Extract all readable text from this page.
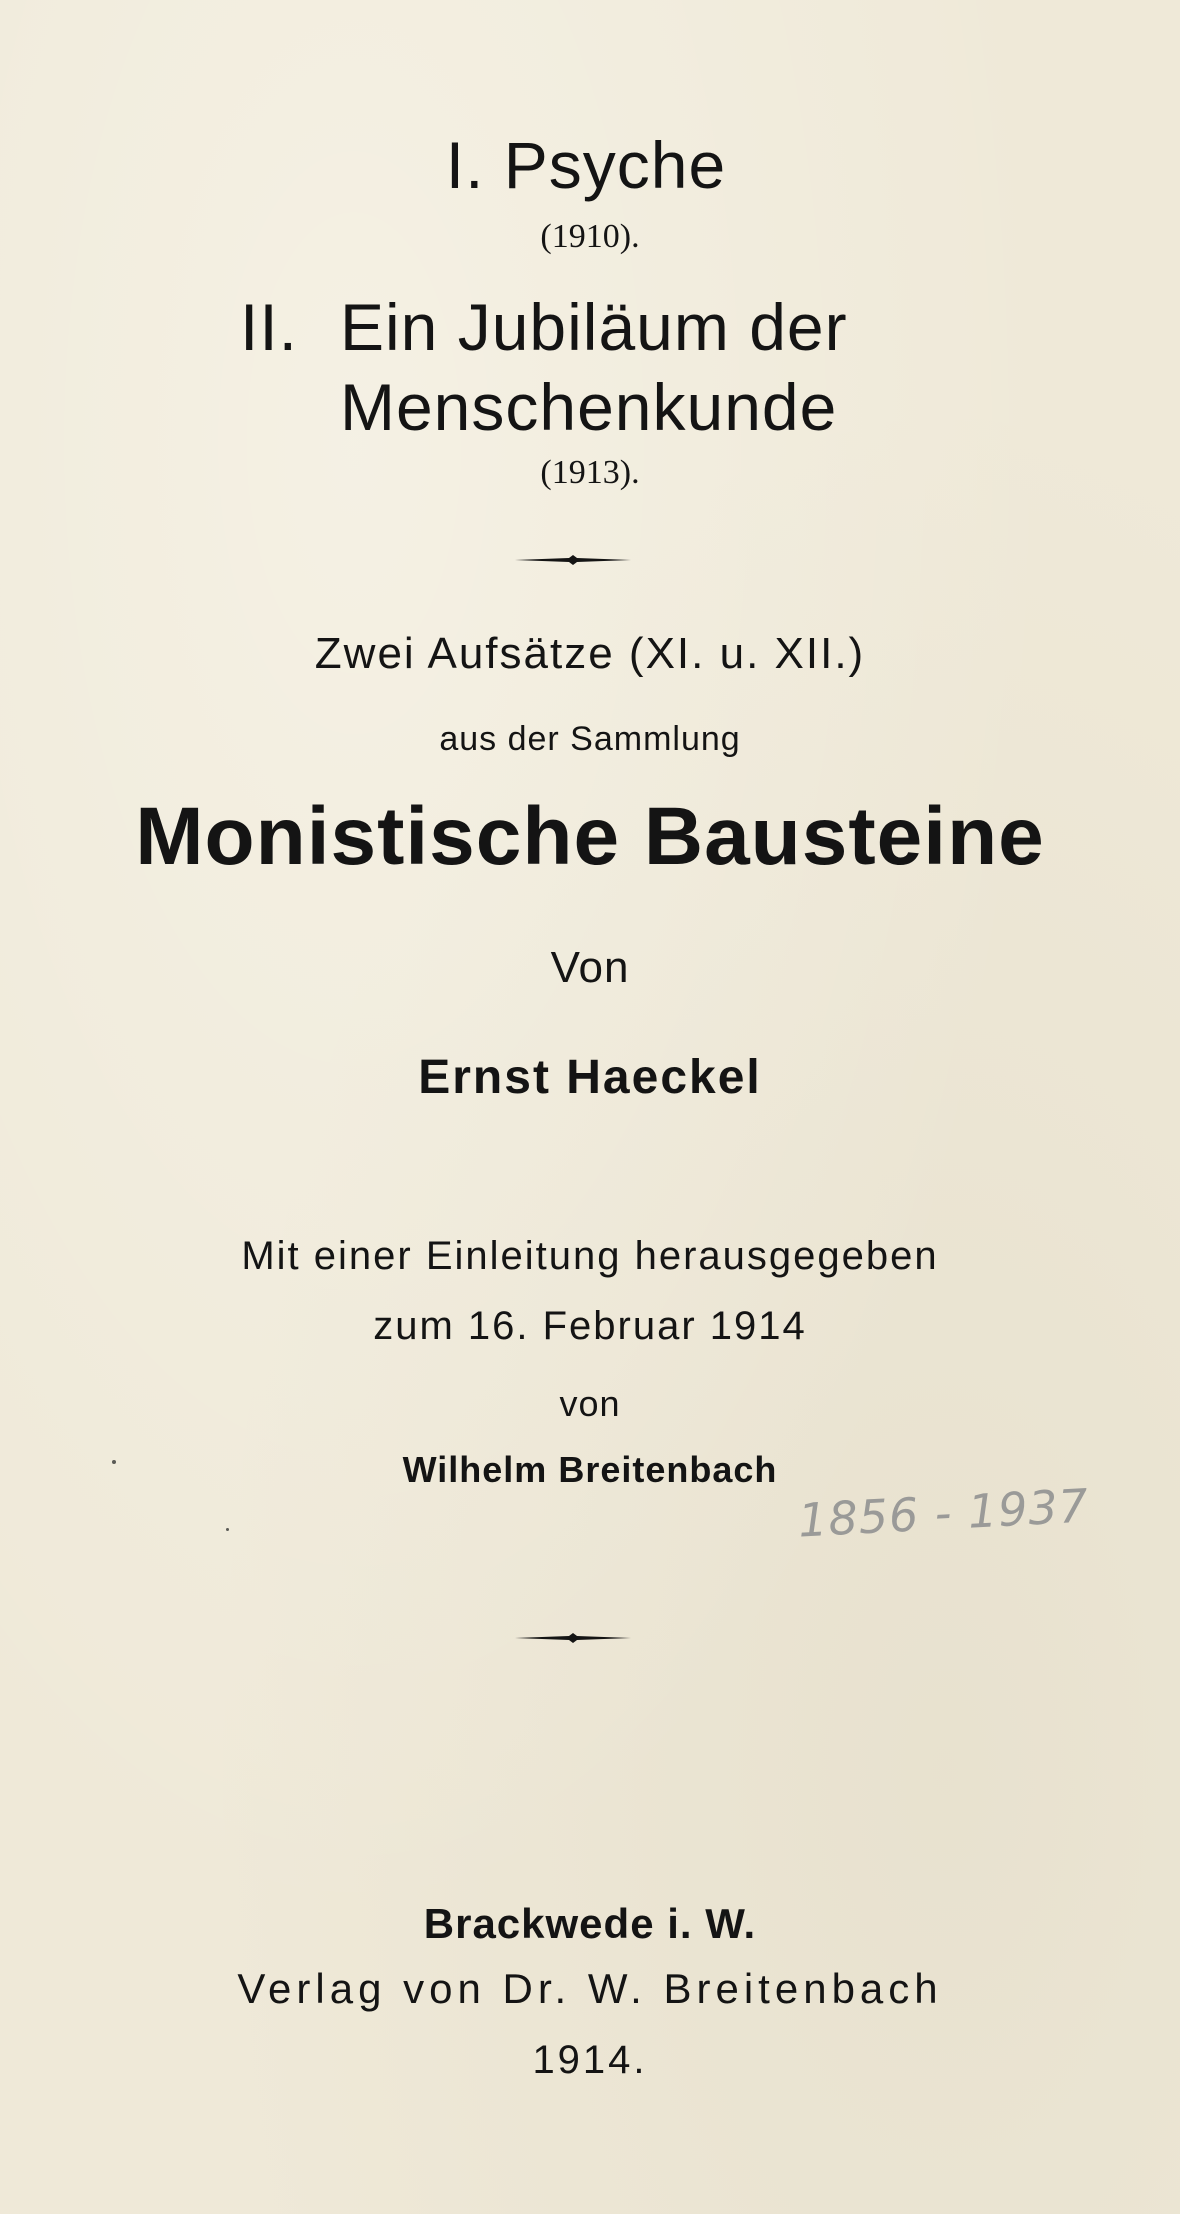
I. Psyche
(1910).
II. Ein Jubiläum der
Menschenkunde
(1913).
Zwei Aufsätze (XI. u. XII.)
aus der Sammlung
Monistische Bausteine
Von
Ernst Haeckel
Mit einer Einleitung herausgegeben
zum 16. Februar 1914
von
Wilhelm Breitenbach
1856 - 1937
Brackwede i. W.
Verlag von Dr. W. Breitenbach
1914.
